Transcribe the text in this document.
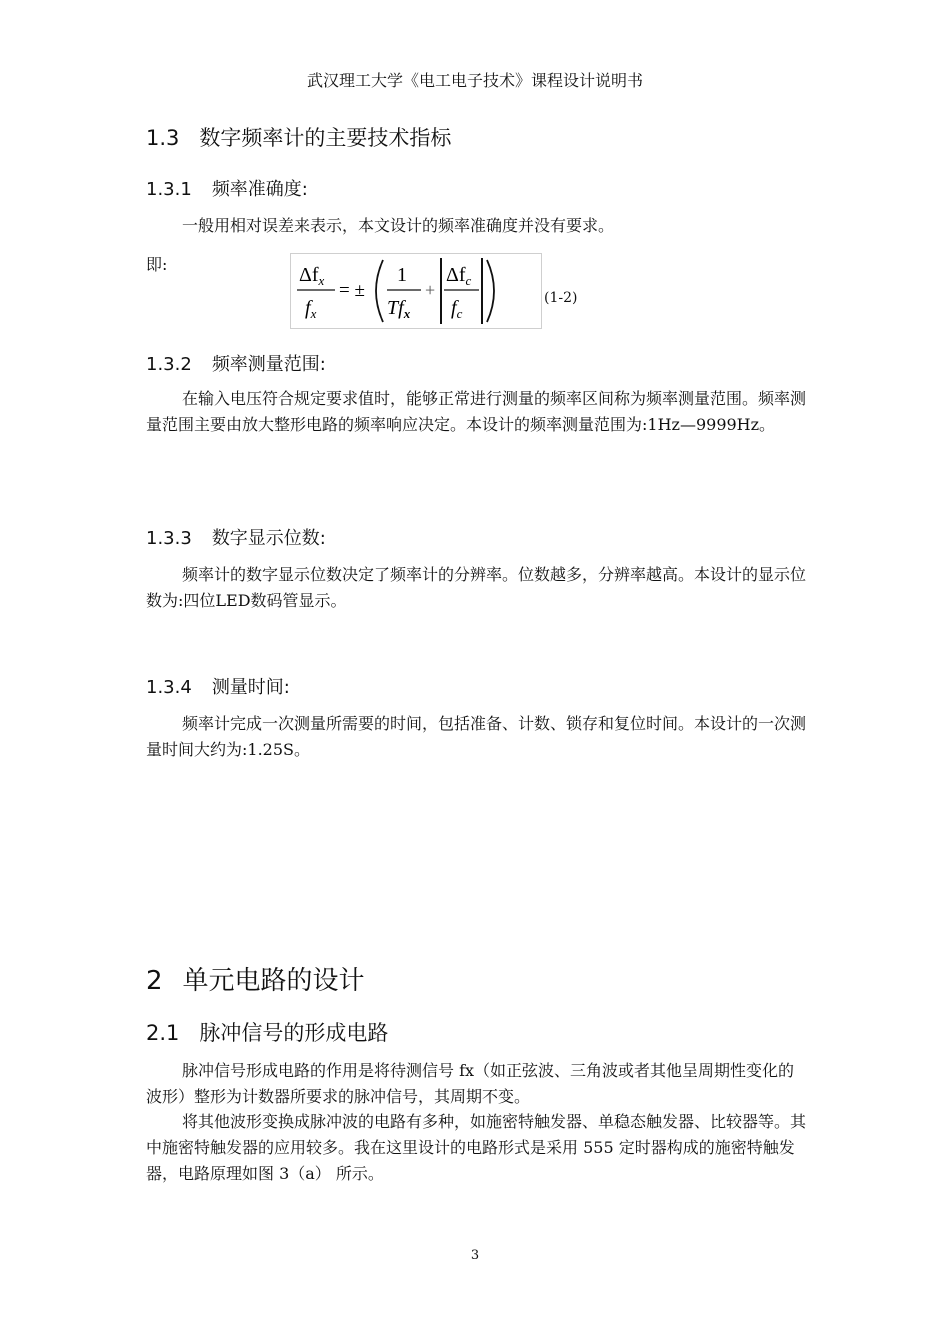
武汉理工大学《电工电子技术》课程设计说明书
1.3 数字频率计的主要技术指标
1.3.1 频率准确度:
一般用相对误差来表示，本文设计的频率准确度并没有要求。
即:	$\Delta f_x$
$f_x$
= ±
1
$Tf_x$
+
$\Delta f_c$
$f_c$
(1-2)
1.3.2 频率测量范围:
在输入电压符合规定要求值时，能够正常进行测量的频率区间称为频率测量范围。频率测量范围主要由放大整形电路的频率响应决定。本设计的频率测量范围为:1Hz—9999Hz。
1.3.3 数字显示位数:
频率计的数字显示位数决定了频率计的分辨率。位数越多，分辨率越高。本设计的显示位数为:四位LED数码管显示。
1.3.4 测量时间:
频率计完成一次测量所需要的时间，包括准备、计数、锁存和复位时间。本设计的一次测量时间大约为:1.25S。
2 单元电路的设计
2.1 脉冲信号的形成电路
脉冲信号形成电路的作用是将待测信号 fx（如正弦波、三角波或者其他呈周期性变化的波形）整形为计数器所要求的脉冲信号，其周期不变。
将其他波形变换成脉冲波的电路有多种，如施密特触发器、单稳态触发器、比较器等。其中施密特触发器的应用较多。我在这里设计的电路形式是采用 555 定时器构成的施密特触发器，电路原理如图 3（a） 所示。
3
